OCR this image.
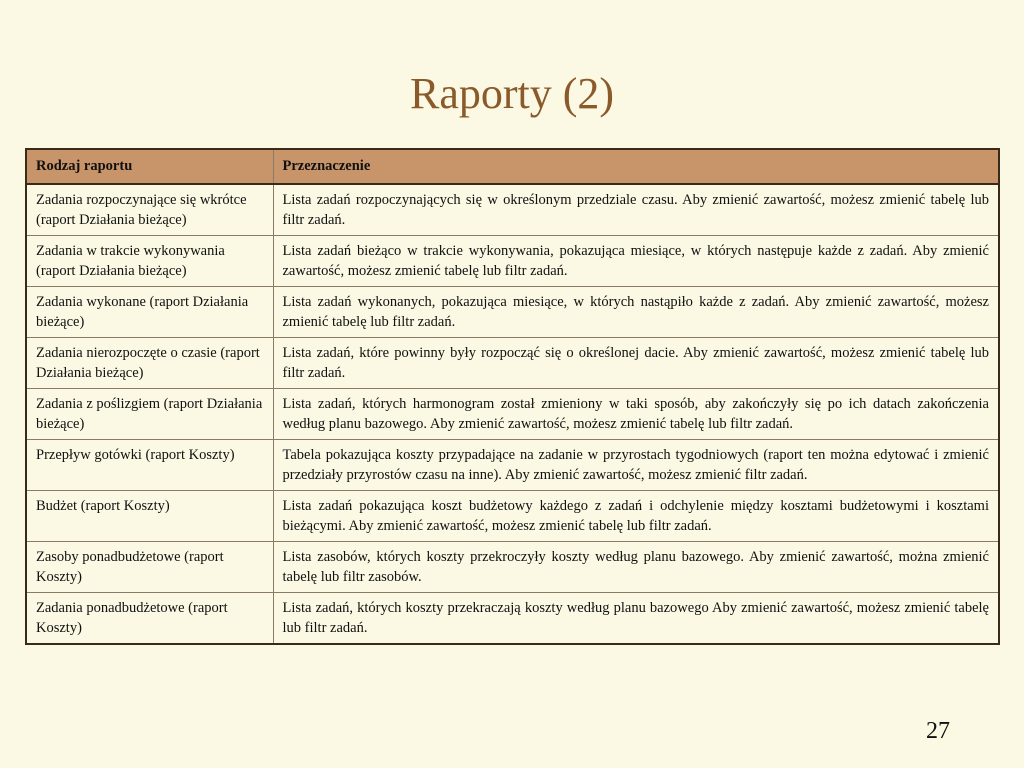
Raporty (2)
Rodzaj raportu	Przeznaczenie
Zadania rozpoczynające się wkrótce (raport Działania bieżące)	Lista zadań rozpoczynających się w określonym przedziale czasu. Aby zmienić zawartość, możesz zmienić tabelę lub filtr zadań.
Zadania w trakcie wykonywania (raport Działania bieżące)	Lista zadań bieżąco w trakcie wykonywania, pokazująca miesiące, w których następuje każde z zadań. Aby zmienić zawartość, możesz zmienić tabelę lub filtr zadań.
Zadania wykonane (raport Działania bieżące)	Lista zadań wykonanych, pokazująca miesiące, w których nastąpiło każde z zadań. Aby zmienić zawartość, możesz zmienić tabelę lub filtr zadań.
Zadania nierozpoczęte o czasie (raport Działania bieżące)	Lista zadań, które powinny były rozpocząć się o określonej dacie. Aby zmienić zawartość, możesz zmienić tabelę lub filtr zadań.
Zadania z poślizgiem (raport Działania bieżące)	Lista zadań, których harmonogram został zmieniony w taki sposób, aby zakończyły się po ich datach zakończenia według planu bazowego. Aby zmienić zawartość, możesz zmienić tabelę lub filtr zadań.
Przepływ gotówki (raport Koszty)	Tabela pokazująca koszty przypadające na zadanie w przyrostach tygodniowych (raport ten można edytować i zmienić przedziały przyrostów czasu na inne). Aby zmienić zawartość, możesz zmienić filtr zadań.
Budżet (raport Koszty)	Lista zadań pokazująca koszt budżetowy każdego z zadań i odchylenie między kosztami budżetowymi i kosztami bieżącymi. Aby zmienić zawartość, możesz zmienić tabelę lub filtr zadań.
Zasoby ponadbudżetowe (raport Koszty)	Lista zasobów, których koszty przekroczyły koszty według planu bazowego. Aby zmienić zawartość, można zmienić tabelę lub filtr zasobów.
Zadania ponadbudżetowe (raport Koszty)	Lista zadań, których koszty przekraczają koszty według planu bazowego Aby zmienić zawartość, możesz zmienić tabelę lub filtr zadań.
27
